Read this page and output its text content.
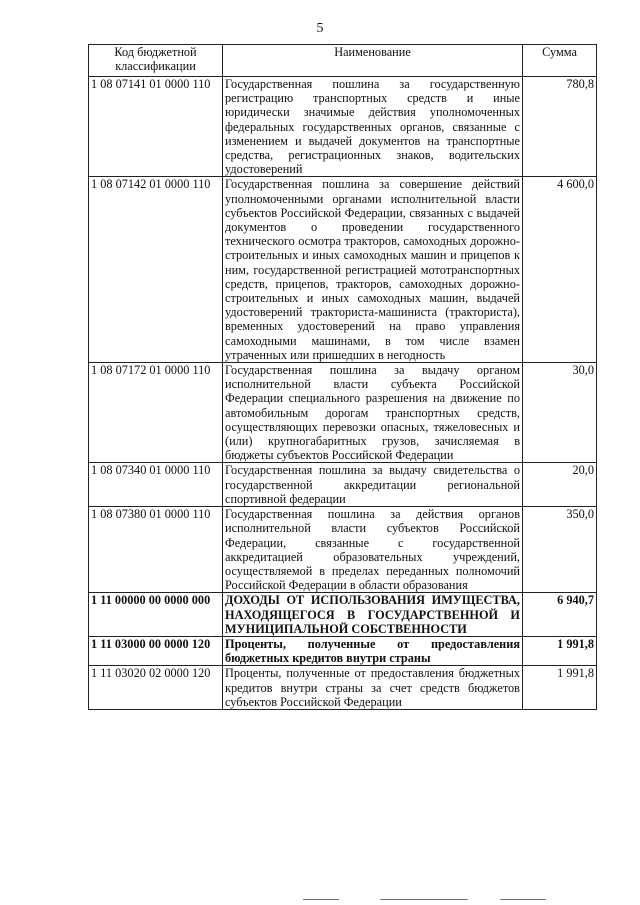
5
Код бюджетной классификации	Наименование	Сумма
1 08 07141 01 0000 110	Государственная пошлина за государственную регистрацию транспортных средств и иные юридически значимые действия уполномоченных федеральных государственных органов, связанные с изменением и выдачей документов на транспортные средства, регистрационных знаков, водительских удостоверений	780,8
1 08 07142 01 0000 110	Государственная пошлина за совершение действий уполномоченными органами исполнительной власти субъектов Российской Федерации, связанных с выдачей документов о проведении государственного технического осмотра тракторов, самоходных дорожно-строительных и иных самоходных машин и прицепов к ним, государственной регистрацией мототранспортных средств, прицепов, тракторов, самоходных дорожно-строительных и иных самоходных машин, выдачей удостоверений тракториста-машиниста (тракториста), временных удостоверений на право управления самоходными машинами, в том числе взамен утраченных или пришедших в негодность	4 600,0
1 08 07172 01 0000 110	Государственная пошлина за выдачу органом исполнительной власти субъекта Российской Федерации специального разрешения на движение по автомобильным дорогам транспортных средств, осуществляющих перевозки опасных, тяжеловесных и (или) крупногабаритных грузов, зачисляемая в бюджеты субъектов Российской Федерации	30,0
1 08 07340 01 0000 110	Государственная пошлина за выдачу свидетельства о государственной аккредитации региональной спортивной федерации	20,0
1 08 07380 01 0000 110	Государственная пошлина за действия органов исполнительной власти субъектов Российской Федерации, связанные с государственной аккредитацией образовательных учреждений, осуществляемой в пределах переданных полномочий Российской Федерации в области образования	350,0
1 11 00000 00 0000 000	ДОХОДЫ ОТ ИСПОЛЬЗОВАНИЯ ИМУЩЕСТВА, НАХОДЯЩЕГОСЯ В ГОСУДАРСТВЕННОЙ И МУНИЦИПАЛЬНОЙ СОБСТВЕННОСТИ	6 940,7
1 11 03000 00 0000 120	Проценты, полученные от предоставления бюджетных кредитов внутри страны	1 991,8
1 11 03020 02 0000 120	Проценты, полученные от предоставления бюджетных кредитов внутри страны за счет средств бюджетов субъектов Российской Федерации	1 991,8
